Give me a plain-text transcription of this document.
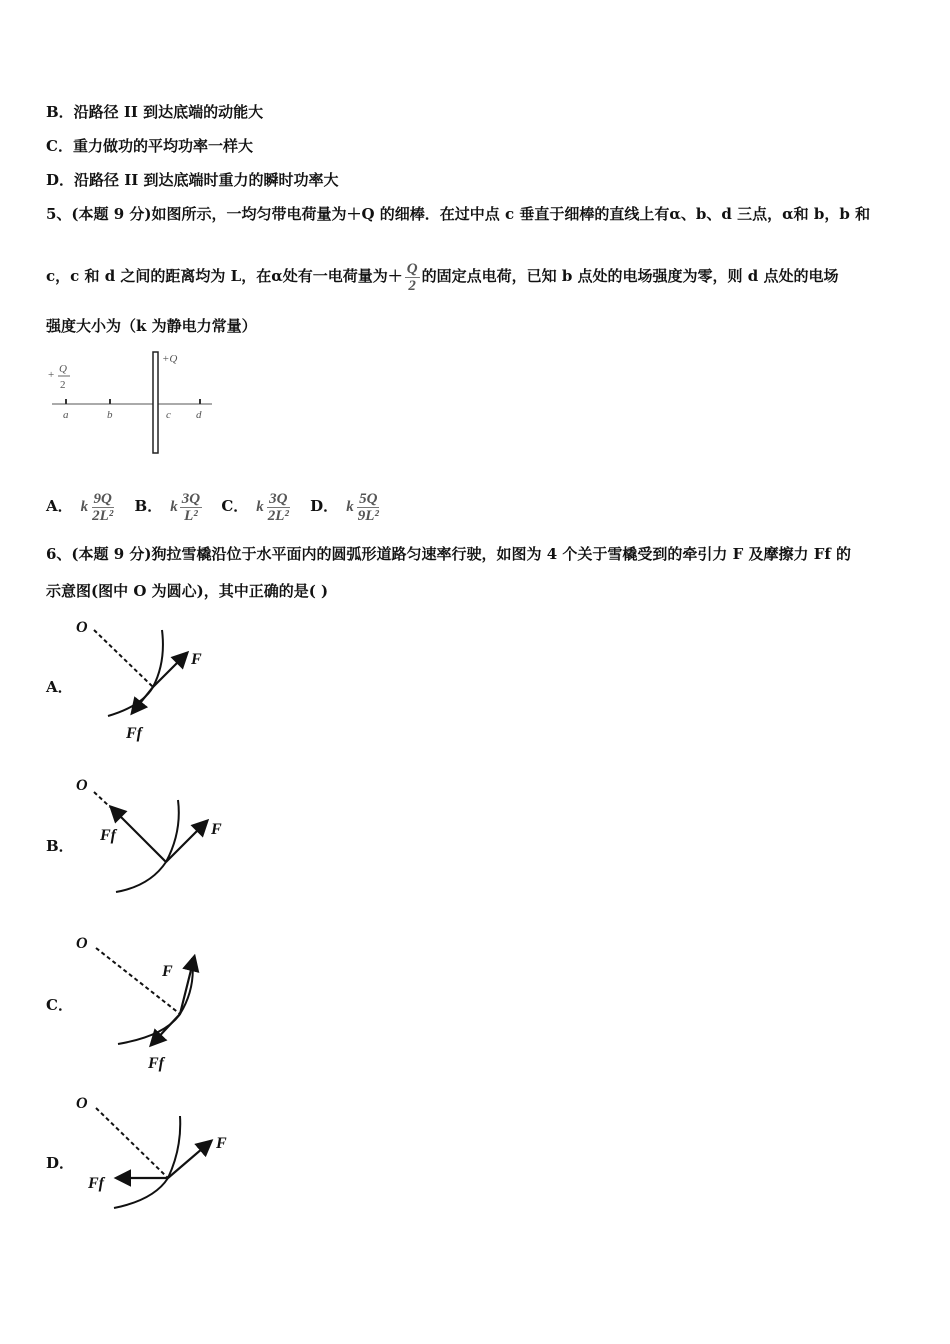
B．沿路径 II 到达底端的动能大
C．重力做功的平均功率一样大
D．沿路径 II 到达底端时重力的瞬时功率大
5、(本题 9 分)如图所示，一均匀带电荷量为＋Q 的细棒．在过中点 c 垂直于细棒的直线上有α、b、d 三点，α和 b，b 和
c，c 和 d 之间的距离均为 L，在α处有一电荷量为＋ $\frac{Q}{2}$ 的固定点电荷，已知 b 点处的电场强度为零，则 d 点处的电场
强度大小为（k 为静电力常量）
+ Q
2
+Q
a	b	c d
A． k $\frac{9Q}{\text{2L²}}$ B． k $\frac{3Q}{\text{L²}}$ C． k $\frac{3Q}{\text{2L²}}$ D． k $\frac{5Q}{\text{9L²}}$
6、(本题 9 分)狗拉雪橇沿位于水平面内的圆弧形道路匀速率行驶，如图为 4 个关于雪橇受到的牵引力 F 及摩擦力 Ff 的
示意图(图中 O 为圆心)，其中正确的是( )
A．
O
F
Ff
B．
O
Ff	F
C．
O
F
Ff
D．
O
F
Ff
